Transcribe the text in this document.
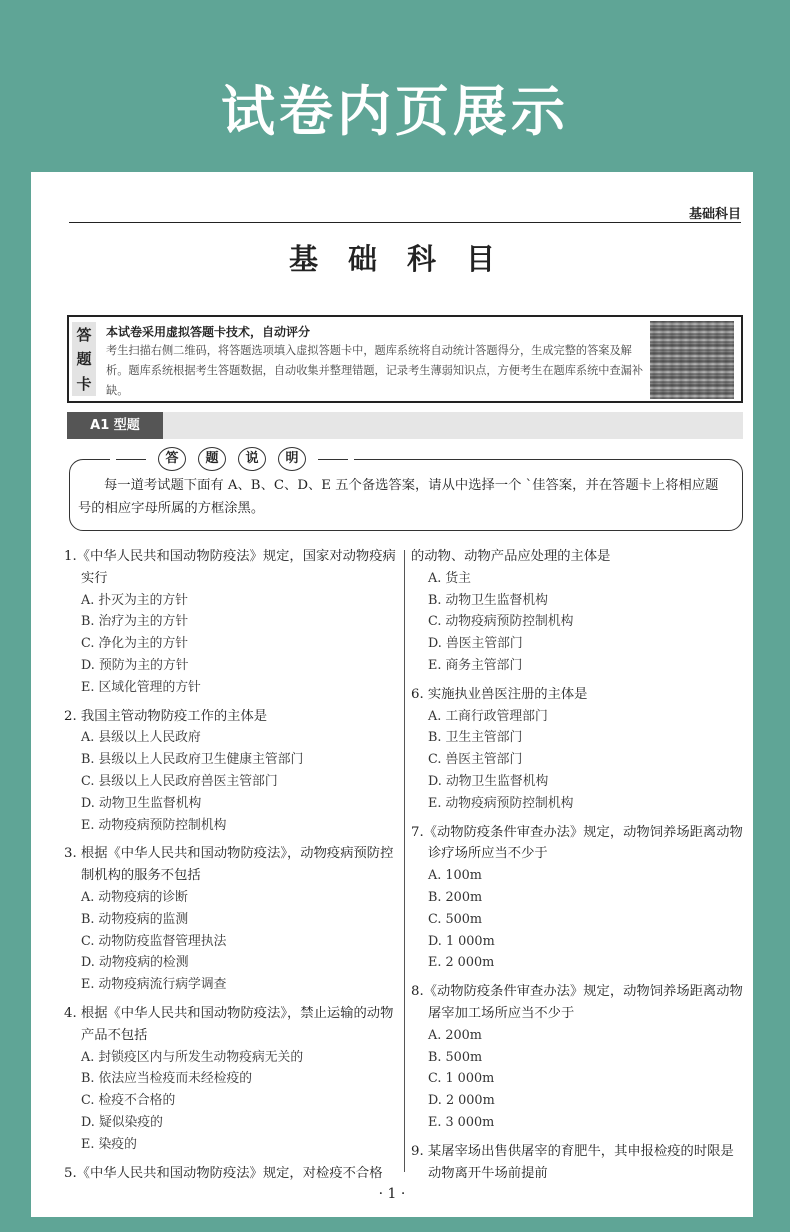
试卷内页展示
基础科目
基础科目
答
题
卡
本试卷采用虚拟答题卡技术，自动评分
考生扫描右侧二维码，将答题选项填入虚拟答题卡中，题库系统将自动统计答题得分，生成完整的答案及解析。题库系统根据考生答题数据，自动收集并整理错题，记录考生薄弱知识点，方便考生在题库系统中查漏补缺。
A1 型题
答	题	说	明
每一道考试题下面有 A、B、C、D、E 五个备选答案，请从中选择一个 ˋ佳答案，并在答题卡上将相应题号的相应字母所属的方框涂黑。
1.《中华人民共和国动物防疫法》规定，国家对动物疫病实行
A. 扑灭为主的方针
B. 治疗为主的方针
C. 净化为主的方针
D. 预防为主的方针
E. 区域化管理的方针
2. 我国主管动物防疫工作的主体是
A. 县级以上人民政府
B. 县级以上人民政府卫生健康主管部门
C. 县级以上人民政府兽医主管部门
D. 动物卫生监督机构
E. 动物疫病预防控制机构
3. 根据《中华人民共和国动物防疫法》，动物疫病预防控制机构的服务不包括
A. 动物疫病的诊断
B. 动物疫病的监测
C. 动物防疫监督管理执法
D. 动物疫病的检测
E. 动物疫病流行病学调查
4. 根据《中华人民共和国动物防疫法》，禁止运输的动物产品不包括
A. 封锁疫区内与所发生动物疫病无关的
B. 依法应当检疫而未经检疫的
C. 检疫不合格的
D. 疑似染疫的
E. 染疫的
5.《中华人民共和国动物防疫法》规定，对检疫不合格
的动物、动物产品应处理的主体是
A. 货主
B. 动物卫生监督机构
C. 动物疫病预防控制机构
D. 兽医主管部门
E. 商务主管部门
6. 实施执业兽医注册的主体是
A. 工商行政管理部门
B. 卫生主管部门
C. 兽医主管部门
D. 动物卫生监督机构
E. 动物疫病预防控制机构
7.《动物防疫条件审查办法》规定，动物饲养场距离动物诊疗场所应当不少于
A. 100m
B. 200m
C. 500m
D. 1 000m
E. 2 000m
8.《动物防疫条件审查办法》规定，动物饲养场距离动物屠宰加工场所应当不少于
A. 200m
B. 500m
C. 1 000m
D. 2 000m
E. 3 000m
9. 某屠宰场出售供屠宰的育肥牛，其申报检疫的时限是动物离开牛场前提前
· 1 ·
